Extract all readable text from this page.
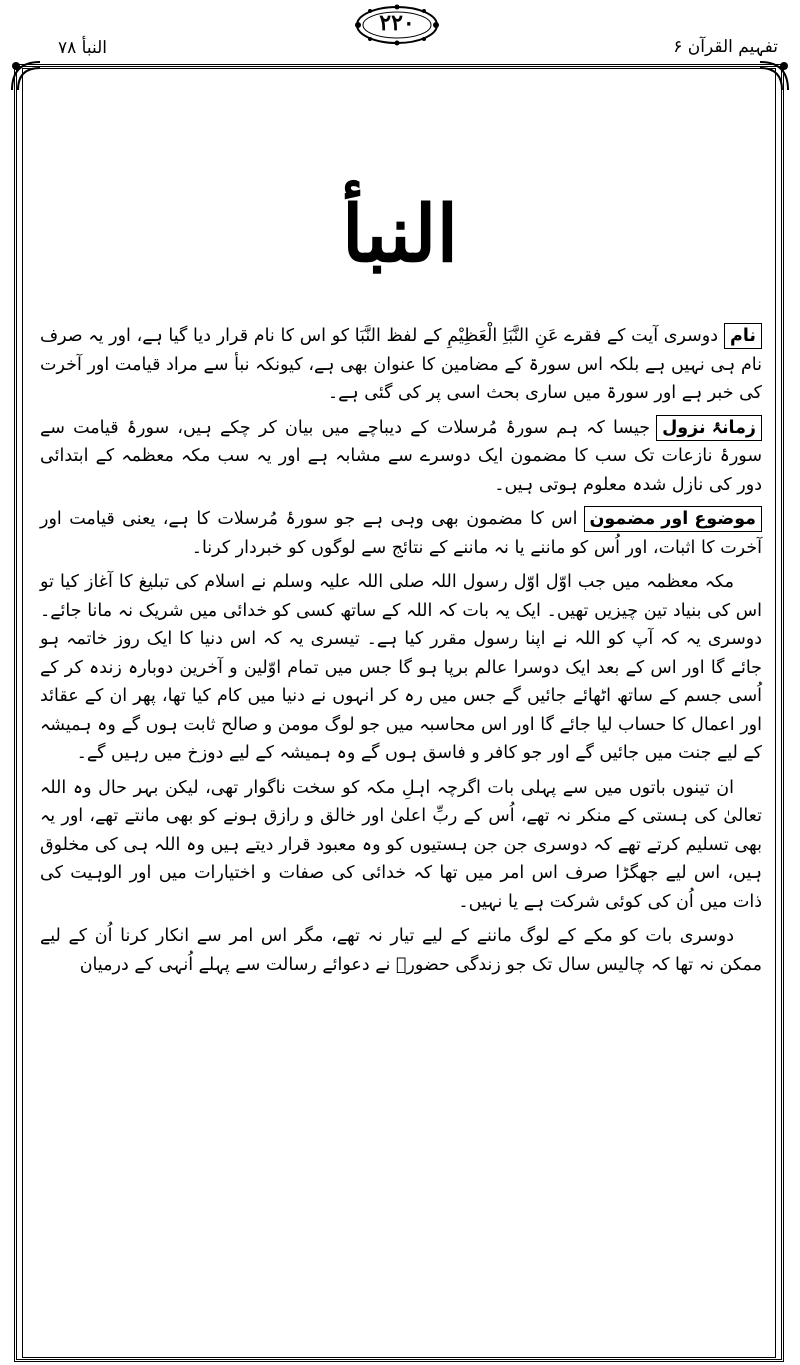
النبأ ۷۸
۲۲۰
تفہیم القرآن ۶
النبأ

نامدوسری آیت کے فقرے عَنِ النَّبَاِ الْعَظِيْمِ کے لفظ النَّبَا کو اس کا نام قرار دیا گیا ہے، اور یہ صرف نام ہی نہیں ہے بلکہ اس سورۃ کے مضامین کا عنوان بھی ہے، کیونکہ نبأ سے مراد قیامت اور آخرت کی خبر ہے اور سورۃ میں ساری بحث اسی پر کی گئی ہے۔

زمانۂ نزولجیسا کہ ہم سورۂ مُرسلات کے دیباچے میں بیان کر چکے ہیں، سورۂ قیامت سے سورۂ نازعات تک سب کا مضمون ایک دوسرے سے مشابہ ہے اور یہ سب مکہ معظمہ کے ابتدائی دور کی نازل شدہ معلوم ہوتی ہیں۔

موضوع اور مضموناس کا مضمون بھی وہی ہے جو سورۂ مُرسلات کا ہے، یعنی قیامت اور آخرت کا اثبات، اور اُس کو ماننے یا نہ ماننے کے نتائج سے لوگوں کو خبردار کرنا۔

مکہ معظمہ میں جب اوّل اوّل رسول اللہ صلی اللہ علیہ وسلم نے اسلام کی تبلیغ کا آغاز کیا تو اس کی بنیاد تین چیزیں تھیں۔ ایک یہ بات کہ اللہ کے ساتھ کسی کو خدائی میں شریک نہ مانا جائے۔ دوسری یہ کہ آپ کو اللہ نے اپنا رسول مقرر کیا ہے۔ تیسری یہ کہ اس دنیا کا ایک روز خاتمہ ہو جائے گا اور اس کے بعد ایک دوسرا عالم برپا ہو گا جس میں تمام اوّلین و آخرین دوبارہ زندہ کر کے اُسی جسم کے ساتھ اٹھائے جائیں گے جس میں رہ کر انہوں نے دنیا میں کام کیا تھا، پھر ان کے عقائد اور اعمال کا حساب لیا جائے گا اور اس محاسبہ میں جو لوگ مومن و صالح ثابت ہوں گے وہ ہمیشہ کے لیے جنت میں جائیں گے اور جو کافر و فاسق ہوں گے وہ ہمیشہ کے لیے دوزخ میں رہیں گے۔

ان تینوں باتوں میں سے پہلی بات اگرچہ اہلِ مکہ کو سخت ناگوار تھی، لیکن بہر حال وہ اللہ تعالیٰ کی ہستی کے منکر نہ تھے، اُس کے ربِّ اعلیٰ اور خالق و رازق ہونے کو بھی مانتے تھے، اور یہ بھی تسلیم کرتے تھے کہ دوسری جن جن ہستیوں کو وہ معبود قرار دیتے ہیں وہ اللہ ہی کی مخلوق ہیں، اس لیے جھگڑا صرف اس امر میں تھا کہ خدائی کی صفات و اختیارات میں اور الوہیت کی ذات میں اُن کی کوئی شرکت ہے یا نہیں۔

دوسری بات کو مکے کے لوگ ماننے کے لیے تیار نہ تھے، مگر اس امر سے انکار کرنا اُن کے لیے ممکن نہ تھا کہ چالیس سال تک جو زندگی حضورؐ نے دعوائے رسالت سے پہلے اُنہی کے درمیان
